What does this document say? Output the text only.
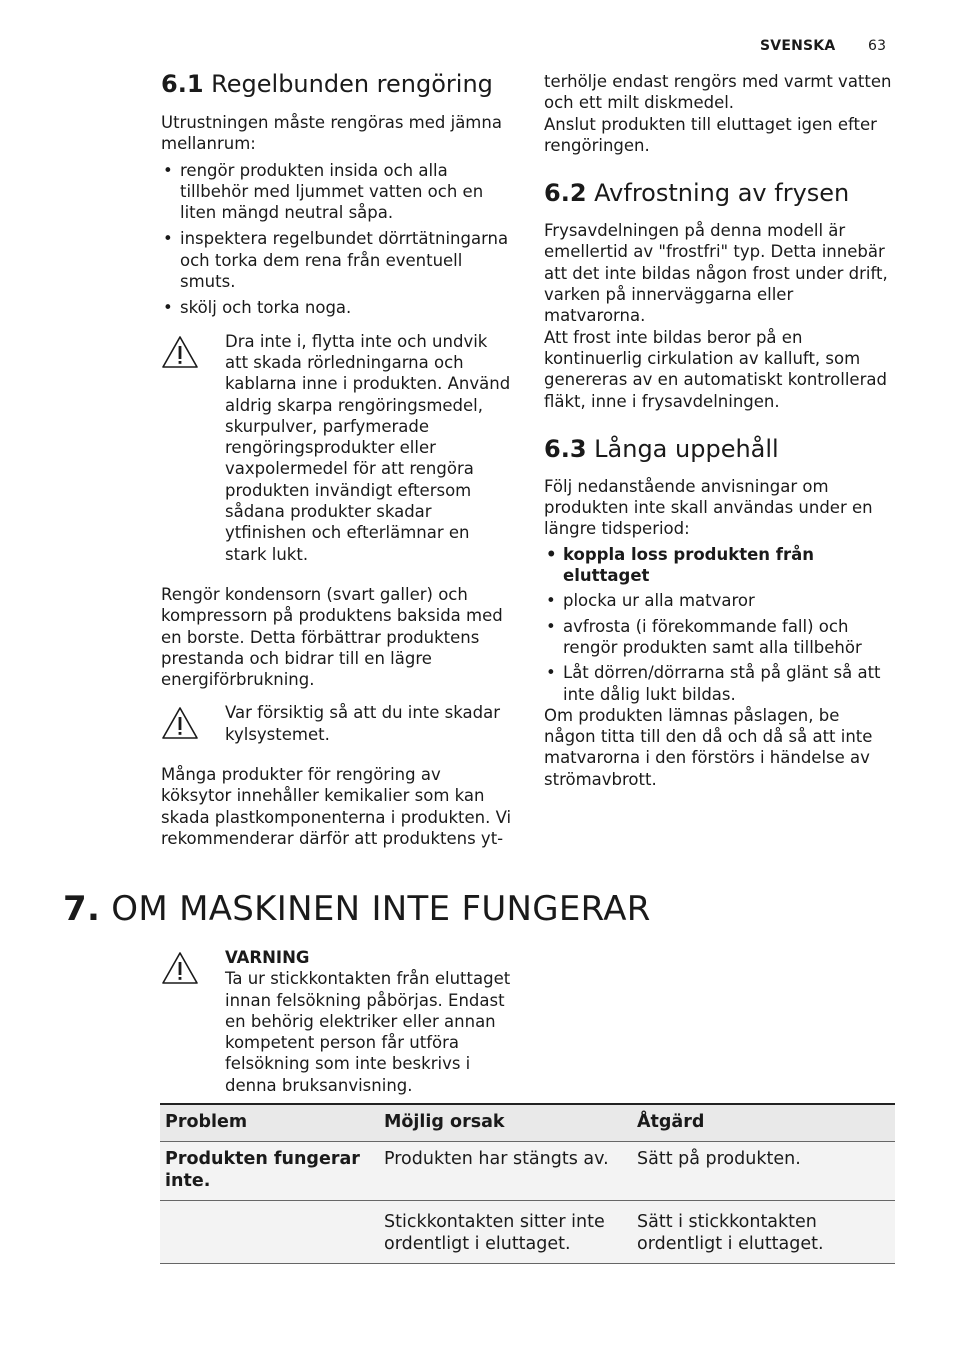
SVENSKA 63
6.1 Regelbunden rengöring

Utrustningen måste rengöras med jämna mellanrum:

• rengör produkten insida och alla tillbehör med ljummet vatten och en liten mängd neutral såpa.
• inspektera regelbundet dörrtätningarna och torka dem rena från eventuell smuts.
• skölj och torka noga.

Dra inte i, flytta inte och undvik att skada rörledningarna och kablarna inne i produkten. Använd aldrig skarpa rengöringsmedel, skurpulver, parfymerade rengöringsprodukter eller vaxpolermedel för att rengöra produkten invändigt eftersom sådana produkter skadar ytfinishen och efterlämnar en stark lukt.

Rengör kondensorn (svart galler) och kompressorn på produktens baksida med en borste. Detta förbättrar produktens prestanda och bidrar till en lägre energiförbrukning.

Var försiktig så att du inte skadar kylsystemet.

Många produkter för rengöring av köksytor innehåller kemikalier som kan skada plastkomponenterna i produkten. Vi rekommenderar därför att produktens yt-

terhölje endast rengörs med varmt vatten och ett milt diskmedel.

Anslut produkten till eluttaget igen efter rengöringen.

6.2 Avfrostning av frysen

Frysavdelningen på denna modell är emellertid av "frostfri" typ. Detta innebär att det inte bildas någon frost under drift, varken på innerväggarna eller matvarorna.

Att frost inte bildas beror på en kontinuerlig cirkulation av kalluft, som genereras av en automatiskt kontrollerad fläkt, inne i frysavdelningen.

6.3 Långa uppehåll

Följ nedanstående anvisningar om produkten inte skall användas under en längre tidsperiod:

• koppla loss produkten från eluttaget
• plocka ur alla matvaror
• avfrosta (i förekommande fall) och rengör produkten samt alla tillbehör
• Låt dörren/dörrarna stå på glänt så att inte dålig lukt bildas.

Om produkten lämnas påslagen, be någon titta till den då och då så att inte matvarorna i den förstörs i händelse av strömavbrott.

7. OM MASKINEN INTE FUNGERAR

VARNING

Ta ur stickkontakten från eluttaget innan felsökning påbörjas. Endast en behörig elektriker eller annan kompetent person får utföra felsökning som inte beskrivs i denna bruksanvisning.

Problem	Möjlig orsak	Åtgärd
Produkten fungerar inte.	Produkten har stängts av.	Sätt på produkten.
	Stickkontakten sitter inte ordentligt i eluttaget.	Sätt i stickkontakten ordentligt i eluttaget.
